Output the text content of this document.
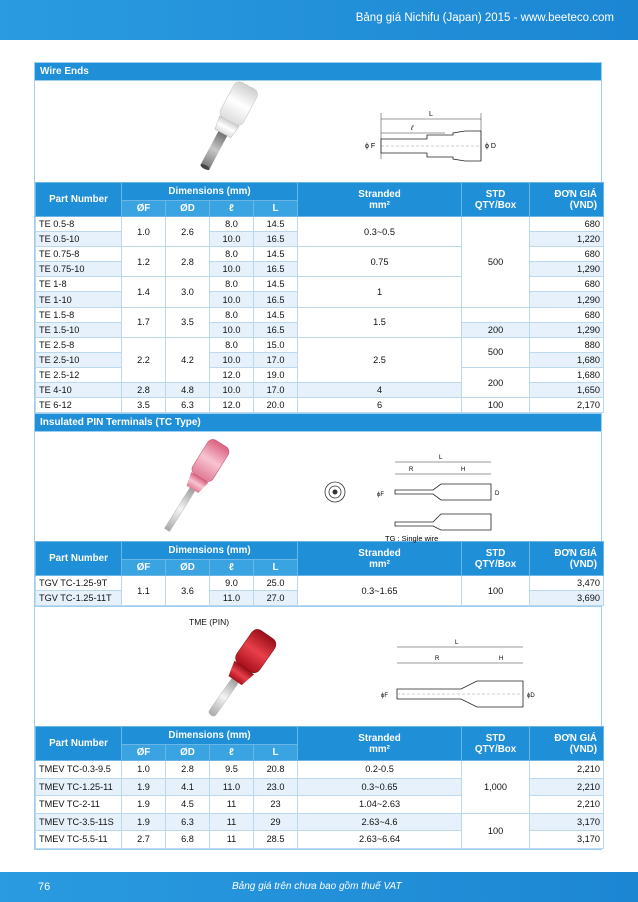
Bảng giá Nichifu (Japan) 2015 - www.beeteco.com
Wire Ends
L
ℓ
ϕ F	ϕ D
Part Number	Dimensions (mm)				Stranded
mm²	STD
QTY/Box	ĐƠN GIÁ
(VND)
	ØF	ØD	ℓ	L			
TE 0.5-8	1.0	2.6	8.0	14.5	0.3~0.5	500	680
TE 0.5-10			10.0	16.5			1,220
TE 0.75-8	1.2	2.8	8.0	14.5	0.75		680
TE 0.75-10			10.0	16.5			1,290
TE 1-8	1.4	3.0	8.0	14.5	1		680
TE 1-10			10.0	16.5			1,290
TE 1.5-8	1.7	3.5	8.0	14.5	1.5		680
TE 1.5-10			10.0	16.5		200	1,290
TE 2.5-8	2.2	4.2	8.0	15.0	2.5	500	880
TE 2.5-10			10.0	17.0			1,680
TE 2.5-12			12.0	19.0		200	1,680
TE 4-10	2.8	4.8	10.0	17.0	4		1,650
TE 6-12	3.5	6.3	12.0	20.0	6	100	2,170
Insulated PIN Terminals (TC Type)
L
R	H
D
ϕF
TG : Single wire
Part Number	Dimensions (mm)				Stranded
mm²	STD
QTY/Box	ĐƠN GIÁ
(VND)
	ØF	ØD	ℓ	L			
TGV TC-1.25-9T	1.1	3.6	9.0	25.0	0.3~1.65	100	3,470
TGV TC-1.25-11T			11.0	27.0			3,690
TME (PIN)
L
R	H
ϕF	ϕD
Part Number	Dimensions (mm)				Stranded
mm²	STD
QTY/Box	ĐƠN GIÁ
(VND)
	ØF	ØD	ℓ	L			
TMEV TC-0.3-9.5	1.0	2.8	9.5	20.8	0.2-0.5	1,000	2,210
TMEV TC-1.25-11	1.9	4.1	11.0	23.0	0.3~0.65		2,210
TMEV TC-2-11	1.9	4.5	11	23	1.04~2.63		2,210
TMEV TC-3.5-11S	1.9	6.3	11	29	2.63~4.6	100	3,170
TMEV TC-5.5-11	2.7	6.8	11	28.5	2.63~6.64		3,170
76	Bảng giá trên chưa bao gồm thuế VAT
